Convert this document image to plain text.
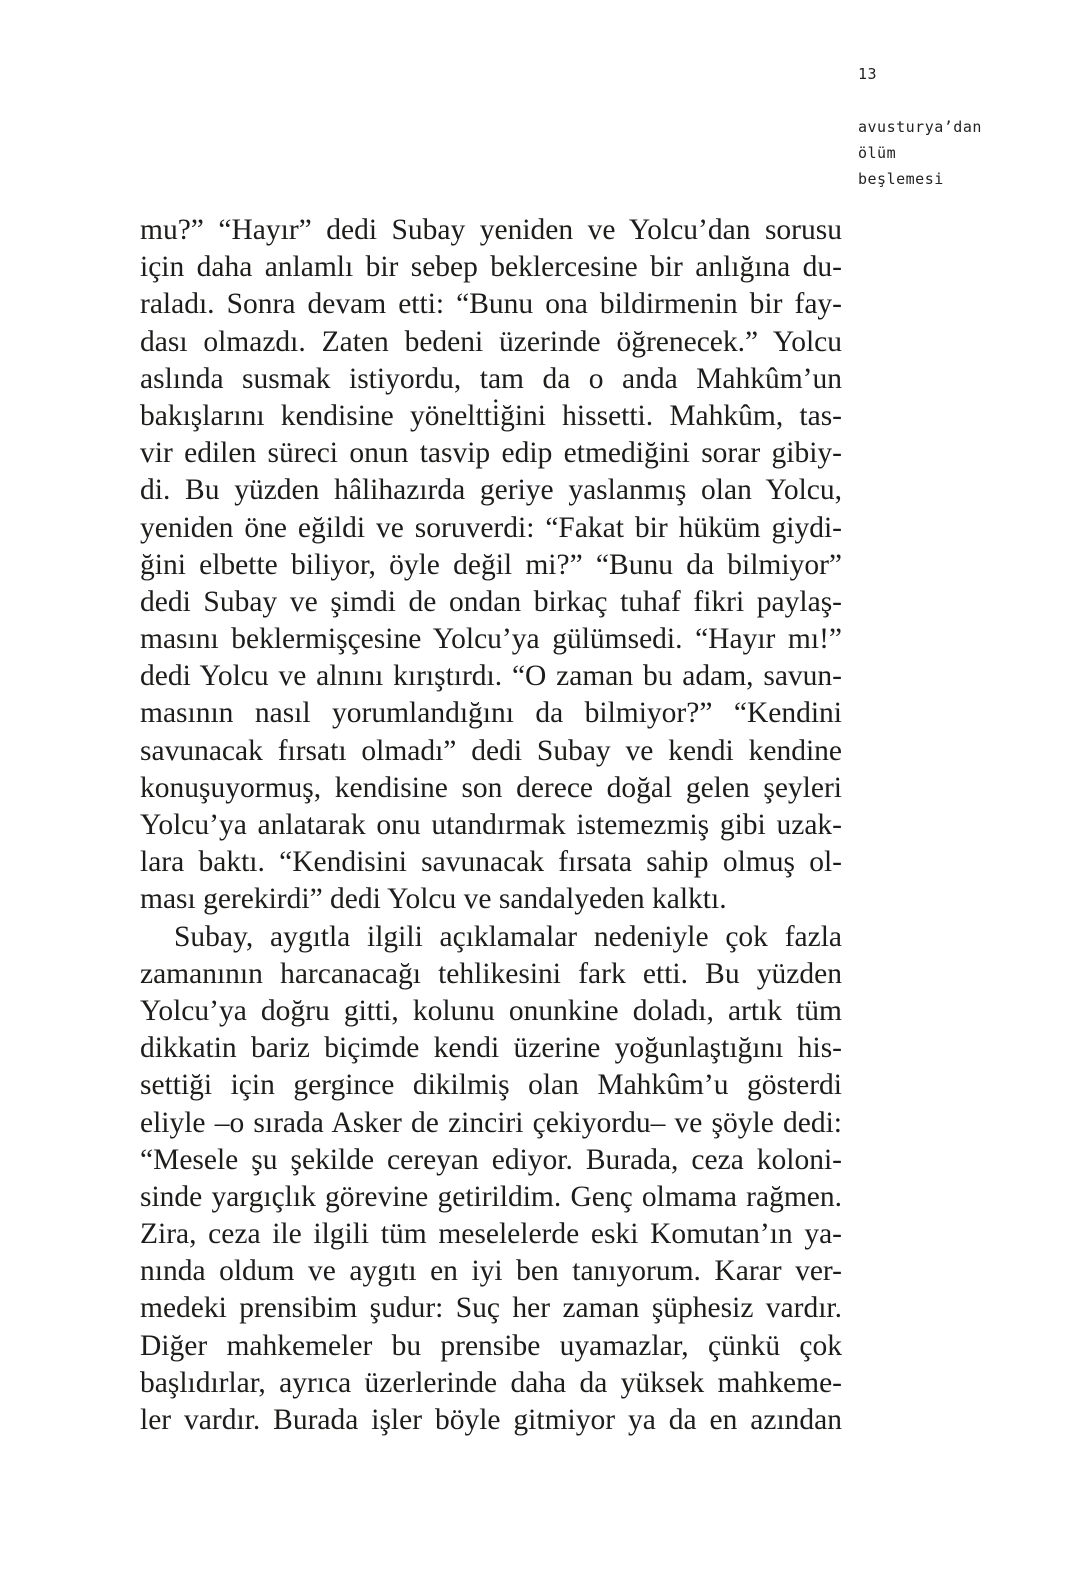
13
avusturya’dan
ölüm
beşlemesi
mu?” “Hayır” dedi Subay yeniden ve Yolcu’dan sorusu
için daha anlamlı bir sebep beklercesine bir anlığına du-
raladı. Sonra devam etti: “Bunu ona bildirmenin bir fay-
dası olmazdı. Zaten bedeni üzerinde öğrenecek.” Yolcu
aslında susmak istiyordu, tam da o anda Mahkûm’un
bakışlarını kendisine yöneltti̇ğini hissetti. Mahkûm, tas-
vir edilen süreci onun tasvip edip etmediğini sorar gibiy-
di. Bu yüzden hâlihazırda geriye yaslanmış olan Yolcu,
yeniden öne eğildi ve soruverdi: “Fakat bir hüküm giydi-
ğini elbette biliyor, öyle değil mi?” “Bunu da bilmiyor”
dedi Subay ve şimdi de ondan birkaç tuhaf fikri paylaş-
masını beklermişçesine Yolcu’ya gülümsedi. “Hayır mı!”
dedi Yolcu ve alnını kırıştırdı. “O zaman bu adam, savun-
masının nasıl yorumlandığını da bilmiyor?” “Kendini
savunacak fırsatı olmadı” dedi Subay ve kendi kendine
konuşuyormuş, kendisine son derece doğal gelen şeyleri
Yolcu’ya anlatarak onu utandırmak istemezmiş gibi uzak-
lara baktı. “Kendisini savunacak fırsata sahip olmuş ol-
ması gerekirdi” dedi Yolcu ve sandalyeden kalktı.
Subay, aygıtla ilgili açıklamalar nedeniyle çok fazla
zamanının harcanacağı tehlikesini fark etti. Bu yüzden
Yolcu’ya doğru gitti, kolunu onunkine doladı, artık tüm
dikkatin bariz biçimde kendi üzerine yoğunlaştığını his-
settiği için gergince dikilmiş olan Mahkûm’u gösterdi
eliyle –o sırada Asker de zinciri çekiyordu– ve şöyle dedi:
“Mesele şu şekilde cereyan ediyor. Burada, ceza koloni-
sinde yargıçlık görevine getirildim. Genç olmama rağmen.
Zira, ceza ile ilgili tüm meselelerde eski Komutan’ın ya-
nında oldum ve aygıtı en iyi ben tanıyorum. Karar ver-
medeki prensibim şudur: Suç her zaman şüphesiz vardır.
Diğer mahkemeler bu prensibe uyamazlar, çünkü çok
başlıdırlar, ayrıca üzerlerinde daha da yüksek mahkeme-
ler vardır. Burada işler böyle gitmiyor ya da en azından
